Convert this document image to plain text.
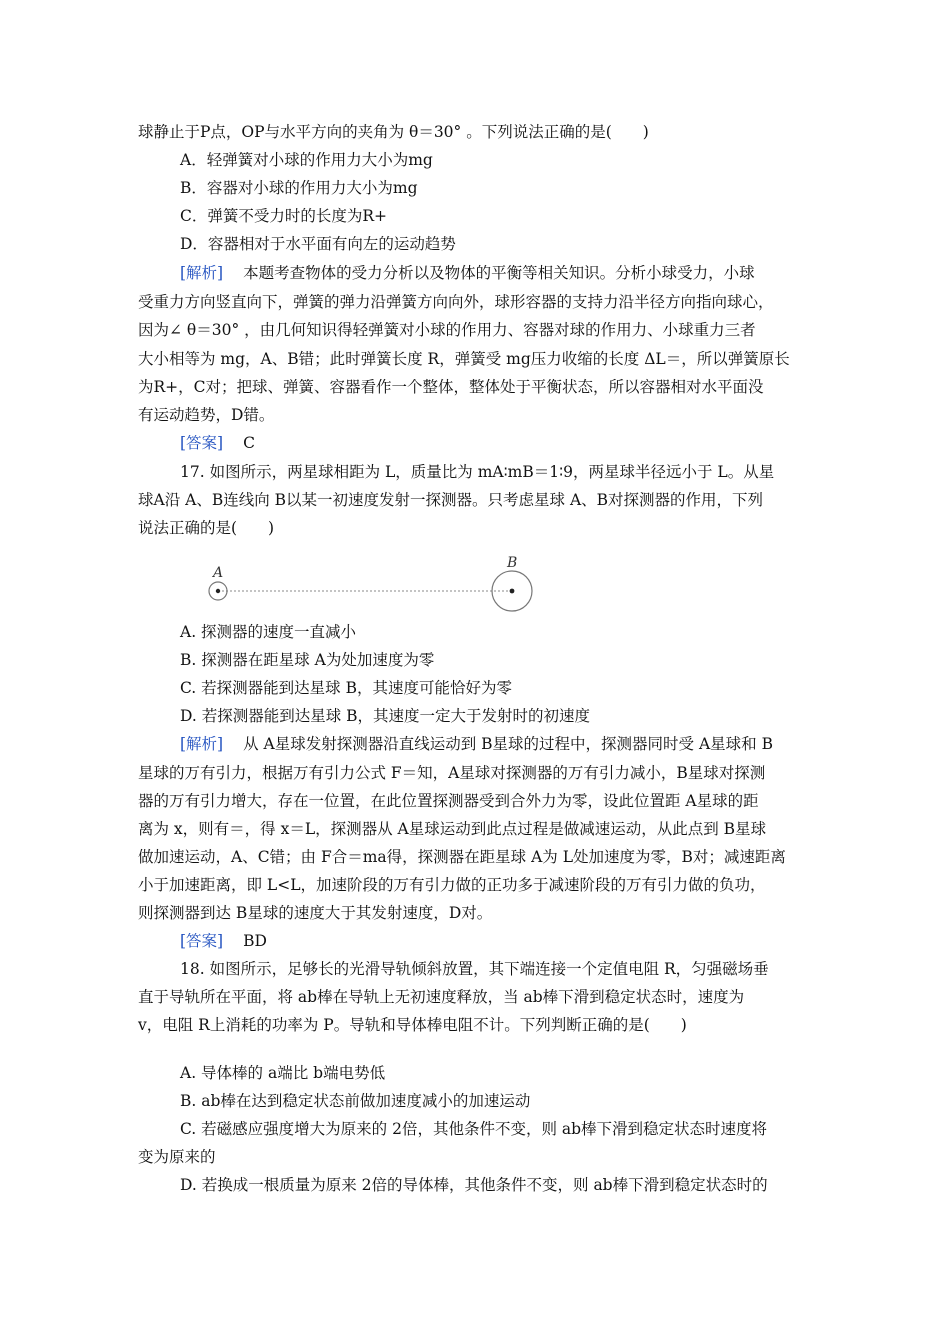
球静止于P点，OP与水平方向的夹角为 θ＝30° 。下列说法正确的是(　　)
A．轻弹簧对小球的作用力大小为mg
B．容器对小球的作用力大小为mg
C．弹簧不受力时的长度为R+
D．容器相对于水平面有向左的运动趋势
[解析] 本题考查物体的受力分析以及物体的平衡等相关知识。分析小球受力，小球
受重力方向竖直向下，弹簧的弹力沿弹簧方向向外，球形容器的支持力沿半径方向指向球心，
因为∠ θ＝30° ，由几何知识得轻弹簧对小球的作用力、容器对球的作用力、小球重力三者
大小相等为 mg，A、B错；此时弹簧长度 R，弹簧受 mg压力收缩的长度 ΔL＝，所以弹簧原长
为R+，C对；把球、弹簧、容器看作一个整体，整体处于平衡状态，所以容器相对水平面没
有运动趋势，D错。
[答案] C
17. 如图所示，两星球相距为 L，质量比为 mA∶mB＝1∶9，两星球半径远小于 L。从星
球A沿 A、B连线向 B以某一初速度发射一探测器。只考虑星球 A、B对探测器的作用，下列
说法正确的是(　　)
A
B
A. 探测器的速度一直减小
B. 探测器在距星球 A为处加速度为零
C. 若探测器能到达星球 B，其速度可能恰好为零
D. 若探测器能到达星球 B，其速度一定大于发射时的初速度
[解析] 从 A星球发射探测器沿直线运动到 B星球的过程中，探测器同时受 A星球和 B
星球的万有引力，根据万有引力公式 F＝知，A星球对探测器的万有引力减小，B星球对探测
器的万有引力增大，存在一位置，在此位置探测器受到合外力为零，设此位置距 A星球的距
离为 x，则有＝，得 x＝L，探测器从 A星球运动到此点过程是做减速运动，从此点到 B星球
做加速运动，A、C错；由 F合＝ma得，探测器在距星球 A为 L处加速度为零，B对；减速距离
小于加速距离，即 L<L，加速阶段的万有引力做的正功多于减速阶段的万有引力做的负功，
则探测器到达 B星球的速度大于其发射速度，D对。
[答案] BD
18. 如图所示，足够长的光滑导轨倾斜放置，其下端连接一个定值电阻 R，匀强磁场垂
直于导轨所在平面，将 ab棒在导轨上无初速度释放，当 ab棒下滑到稳定状态时，速度为
v，电阻 R上消耗的功率为 P。导轨和导体棒电阻不计。下列判断正确的是(　　)
A. 导体棒的 a端比 b端电势低
B. ab棒在达到稳定状态前做加速度减小的加速运动
C. 若磁感应强度增大为原来的 2倍，其他条件不变，则 ab棒下滑到稳定状态时速度将
变为原来的
D. 若换成一根质量为原来 2倍的导体棒，其他条件不变，则 ab棒下滑到稳定状态时的
